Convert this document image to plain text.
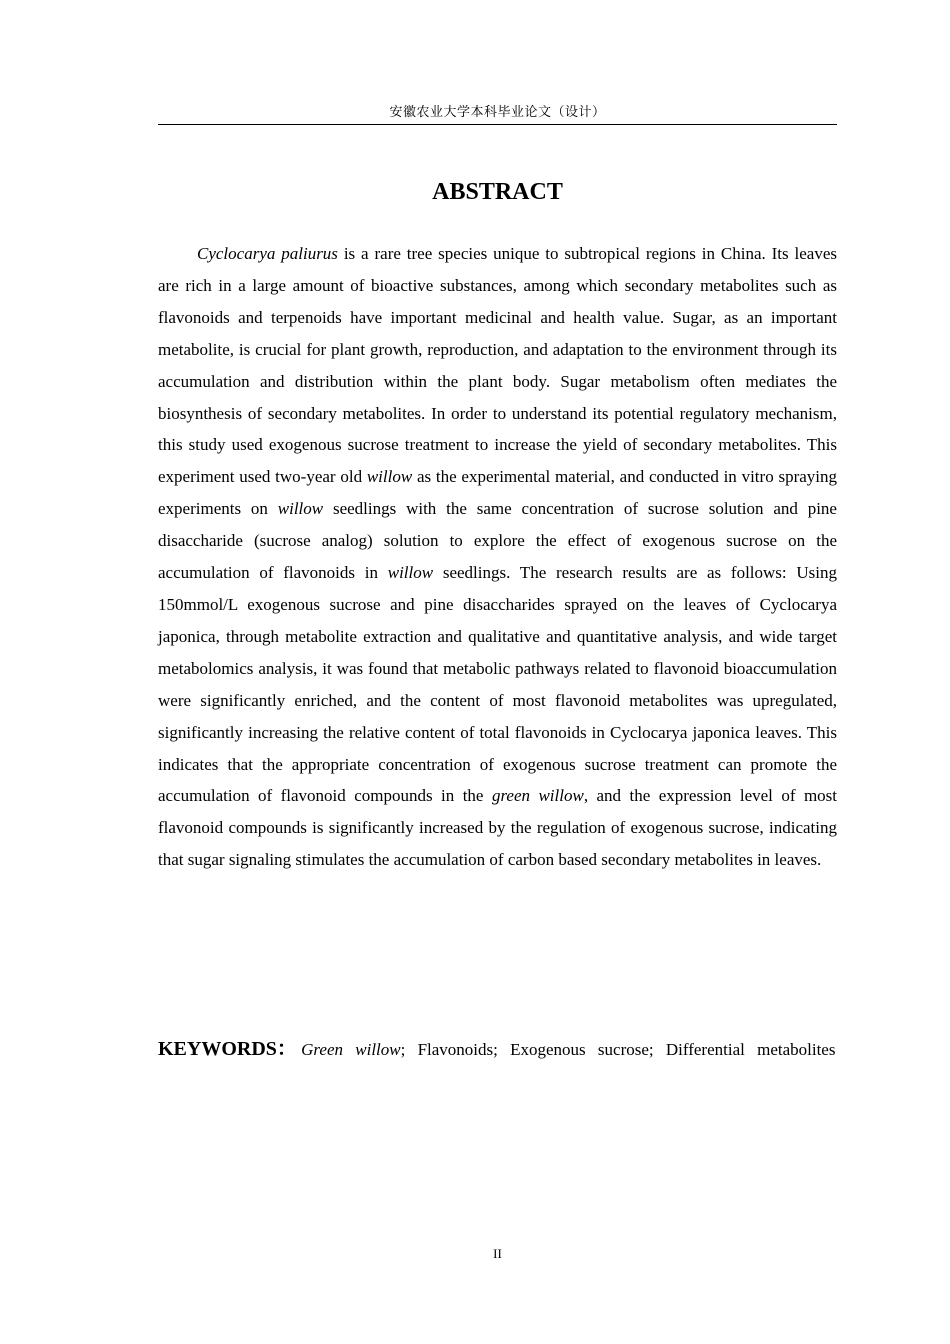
安徽农业大学本科毕业论文（设计）
ABSTRACT

Cyclocarya paliurus is a rare tree species unique to subtropical regions in China. Its leaves are rich in a large amount of bioactive substances, among which secondary metabolites such as flavonoids and terpenoids have important medicinal and health value. Sugar, as an important metabolite, is crucial for plant growth, reproduction, and adaptation to the environment through its accumulation and distribution within the plant body. Sugar metabolism often mediates the biosynthesis of secondary metabolites. In order to understand its potential regulatory mechanism, this study used exogenous sucrose treatment to increase the yield of secondary metabolites. This experiment used two-year old willow as the experimental material, and conducted in vitro spraying experiments on willow seedlings with the same concentration of sucrose solution and pine disaccharide (sucrose analog) solution to explore the effect of exogenous sucrose on the accumulation of flavonoids in willow seedlings. The research results are as follows: Using 150mmol/L exogenous sucrose and pine disaccharides sprayed on the leaves of Cyclocarya japonica, through metabolite extraction and qualitative and quantitative analysis, and wide target metabolomics analysis, it was found that metabolic pathways related to flavonoid bioaccumulation were significantly enriched, and the content of most flavonoid metabolites was upregulated, significantly increasing the relative content of total flavonoids in Cyclocarya japonica leaves. This indicates that the appropriate concentration of exogenous sucrose treatment can promote the accumulation of flavonoid compounds in the green willow, and the expression level of most flavonoid compounds is significantly increased by the regulation of exogenous sucrose, indicating that sugar signaling stimulates the accumulation of carbon based secondary metabolites in leaves.

KEYWORDS： Green willow; Flavonoids; Exogenous sucrose; Differential metabolites

II
